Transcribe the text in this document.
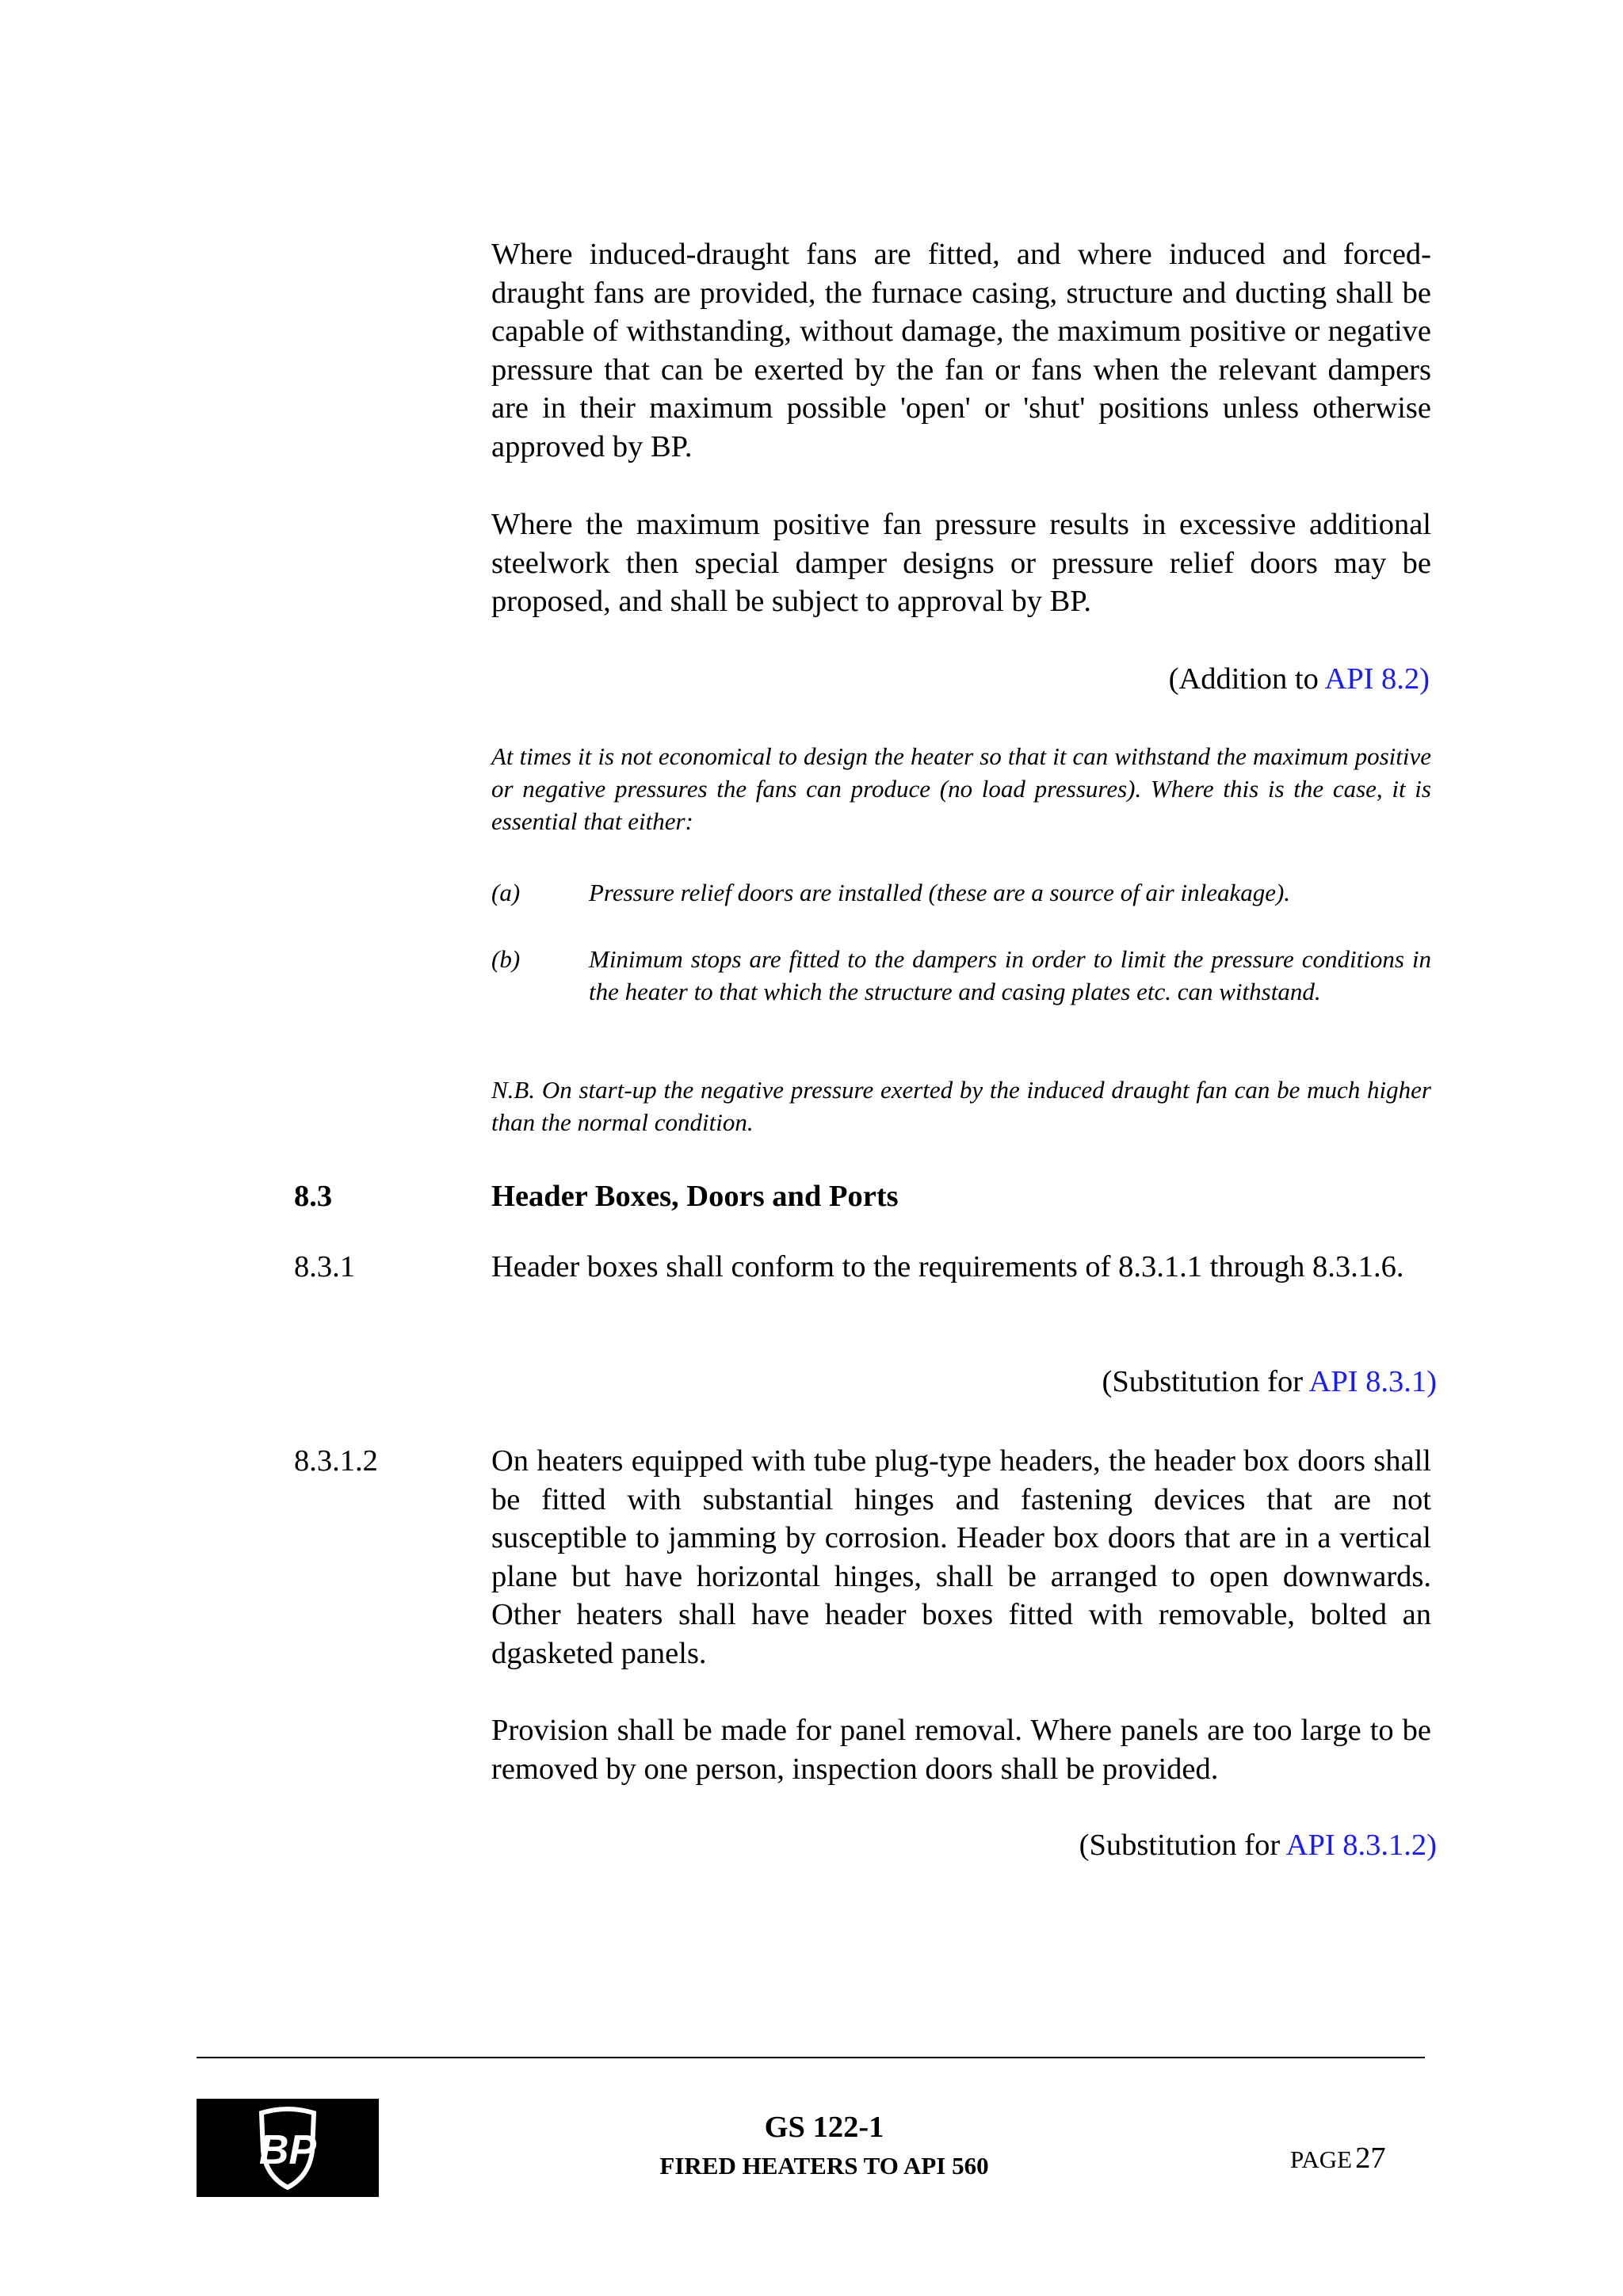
Where induced-draught fans are fitted, and where induced and forced-draught fans are provided, the furnace casing, structure and ducting shall be capable of withstanding, without damage, the maximum positive or negative pressure that can be exerted by the fan or fans when the relevant dampers are in their maximum possible 'open' or 'shut' positions unless otherwise approved by BP.

Where the maximum positive fan pressure results in excessive additional steelwork then special damper designs or pressure relief doors may be proposed, and shall be subject to approval by BP.

(Addition to API 8.2)

At times it is not economical to design the heater so that it can withstand the maximum positive or negative pressures the fans can produce (no load pressures). Where this is the case, it is essential that either:

(a)	Pressure relief doors are installed (these are a source of air inleakage).

(b)	Minimum stops are fitted to the dampers in order to limit the pressure conditions in the heater to that which the structure and casing plates etc. can withstand.

N.B. On start-up the negative pressure exerted by the induced draught fan can be much higher than the normal condition.

8.3	Header Boxes, Doors and Ports
8.3.1	Header boxes shall conform to the requirements of 8.3.1.1 through 8.3.1.6.

(Substitution for API 8.3.1)
8.3.1.2	On heaters equipped with tube plug-type headers, the header box doors shall be fitted with substantial hinges and fastening devices that are not susceptible to jamming by corrosion. Header box doors that are in a vertical plane but have horizontal hinges, shall be arranged to open downwards. Other heaters shall have header boxes fitted with removable, bolted an dgasketed panels.

Provision shall be made for panel removal. Where panels are too large to be removed by one person, inspection doors shall be provided.

(Substitution for API 8.3.1.2)
BP	GS 122-1
FIRED HEATERS TO API 560	PAGE 27
